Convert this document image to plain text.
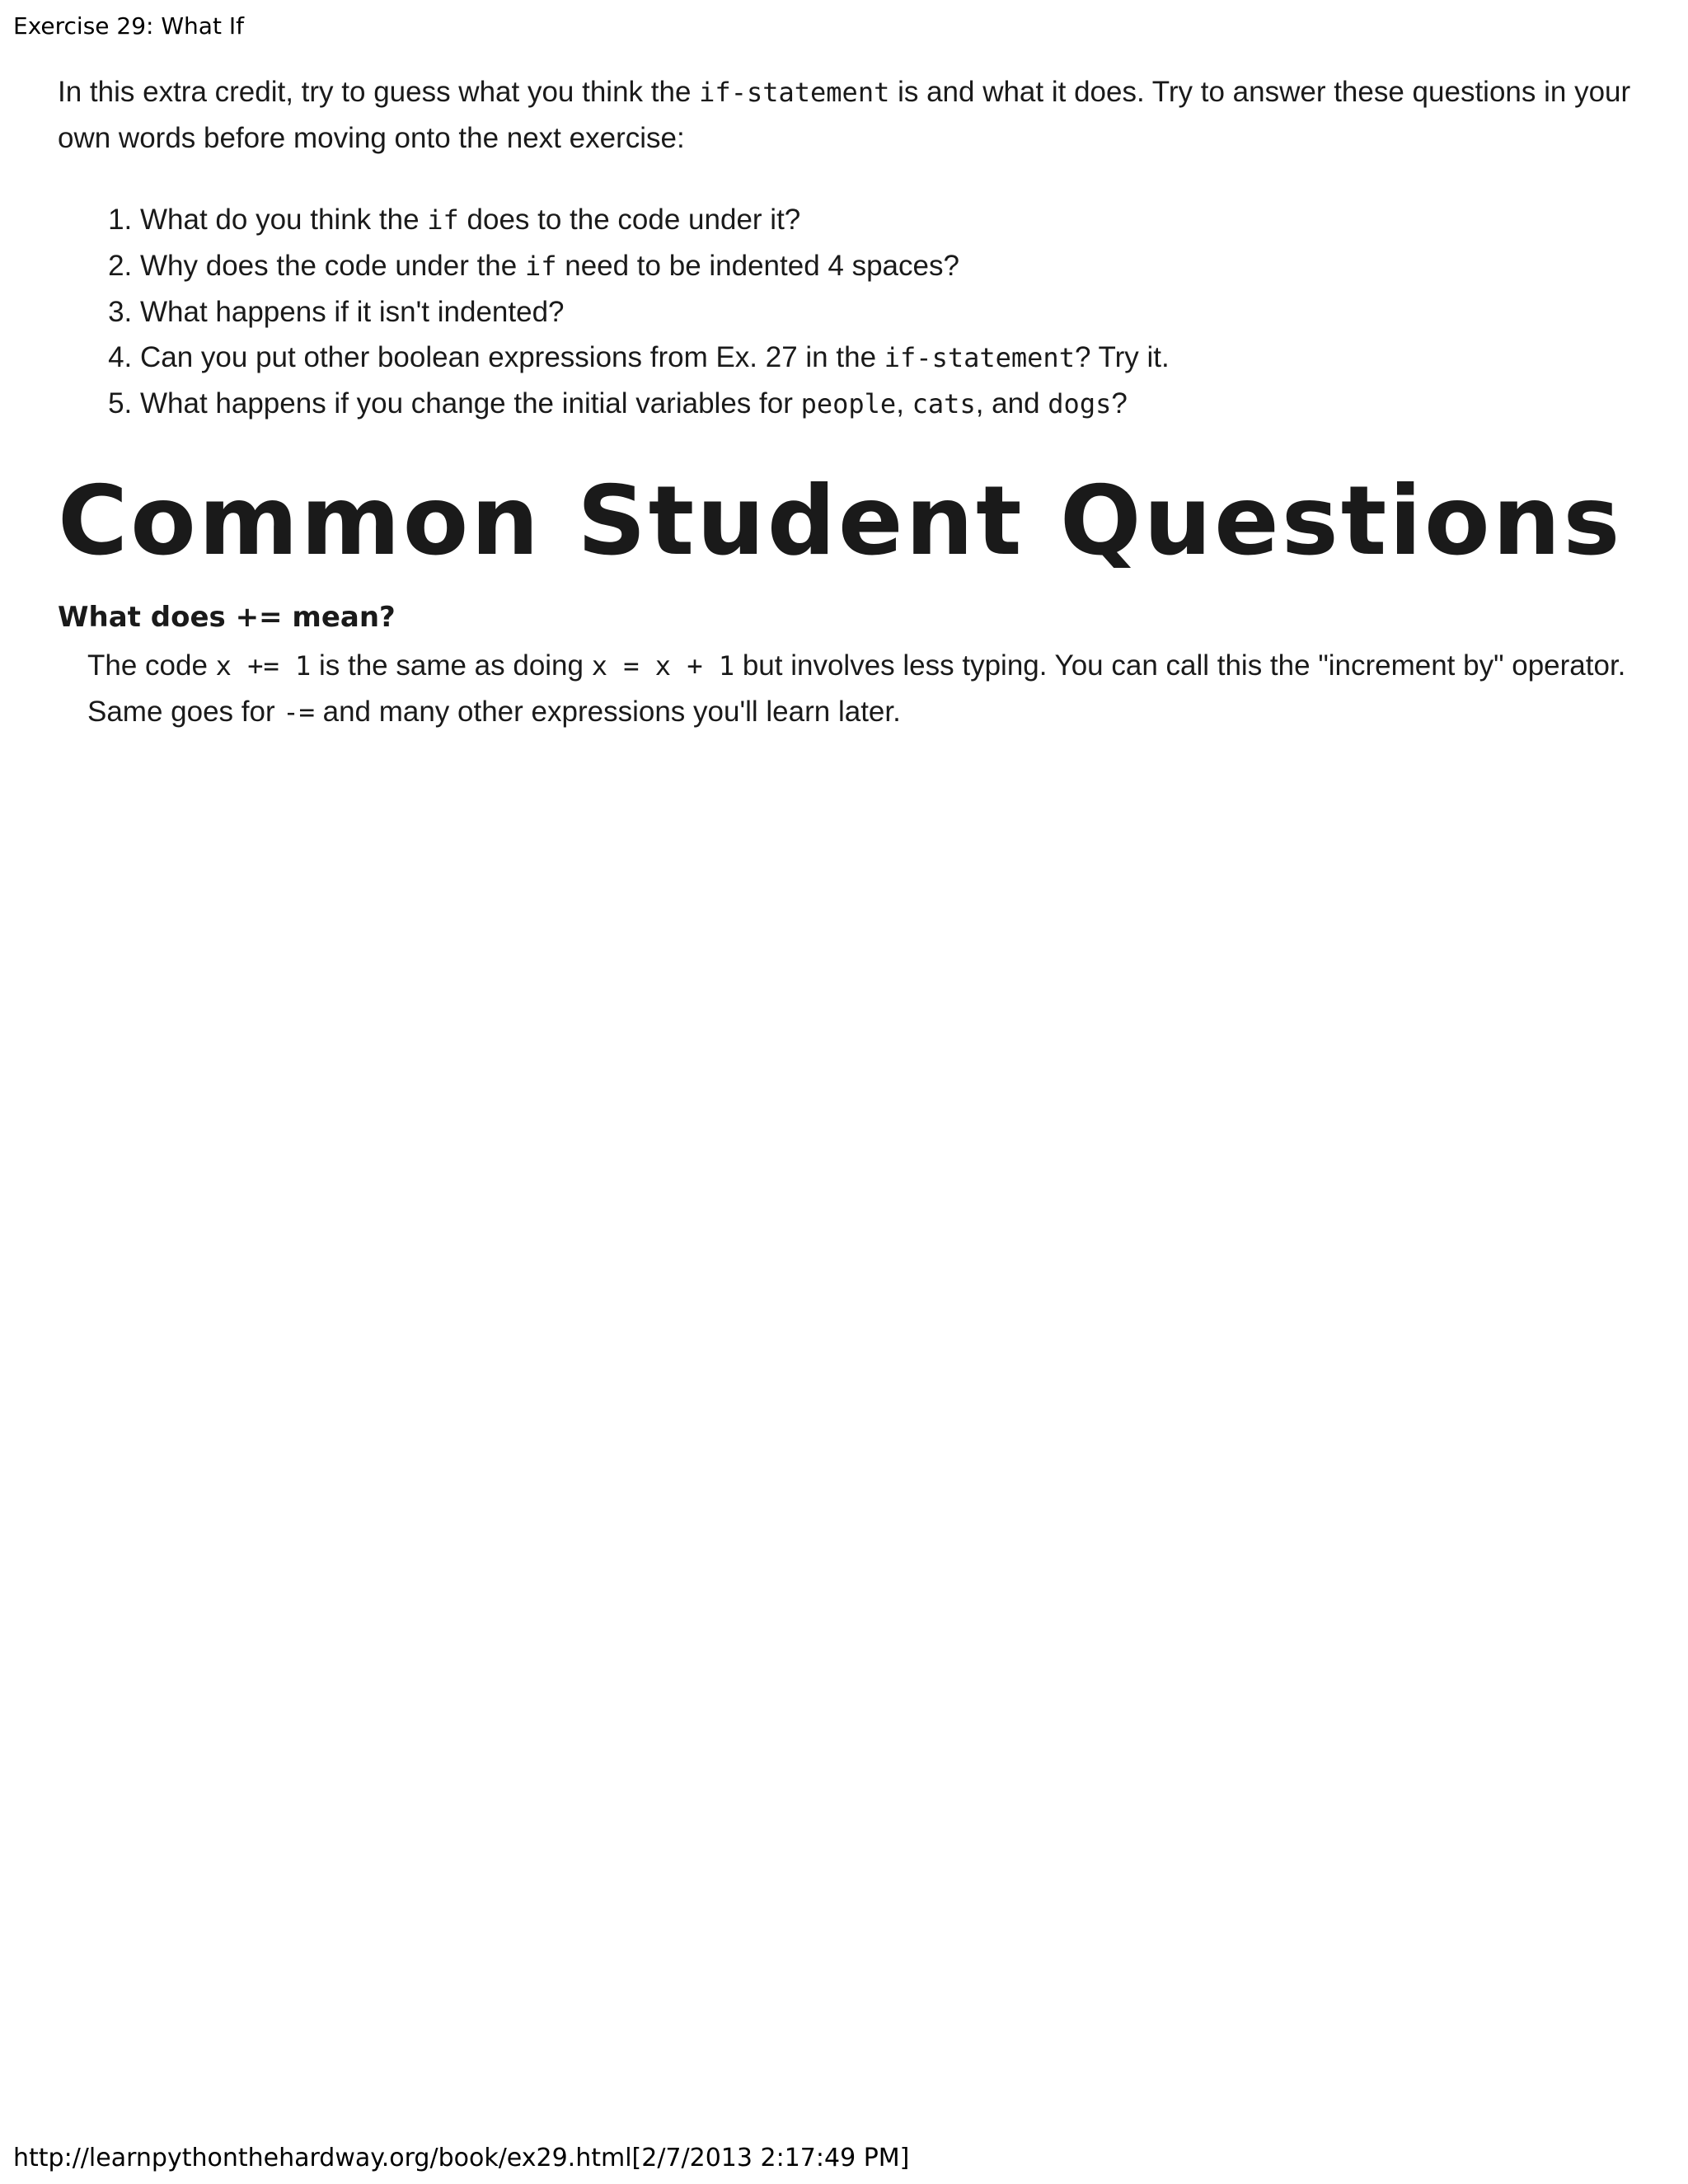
Exercise 29: What If

In this extra credit, try to guess what you think the if-statement is and what it does. Try to answer these questions in your own words before moving onto the next exercise:

1. What do you think the if does to the code under it?
2. Why does the code under the if need to be indented 4 spaces?
3. What happens if it isn't indented?
4. Can you put other boolean expressions from Ex. 27 in the if-statement? Try it.
5. What happens if you change the initial variables for people, cats, and dogs?
Common Student Questions
What does += mean?
The code x += 1 is the same as doing x = x + 1 but involves less typing. You can call this the "increment by" operator. Same goes for -= and many other expressions you'll learn later.

http://learnpythonthehardway.org/book/ex29.html[2/7/2013 2:17:49 PM]
